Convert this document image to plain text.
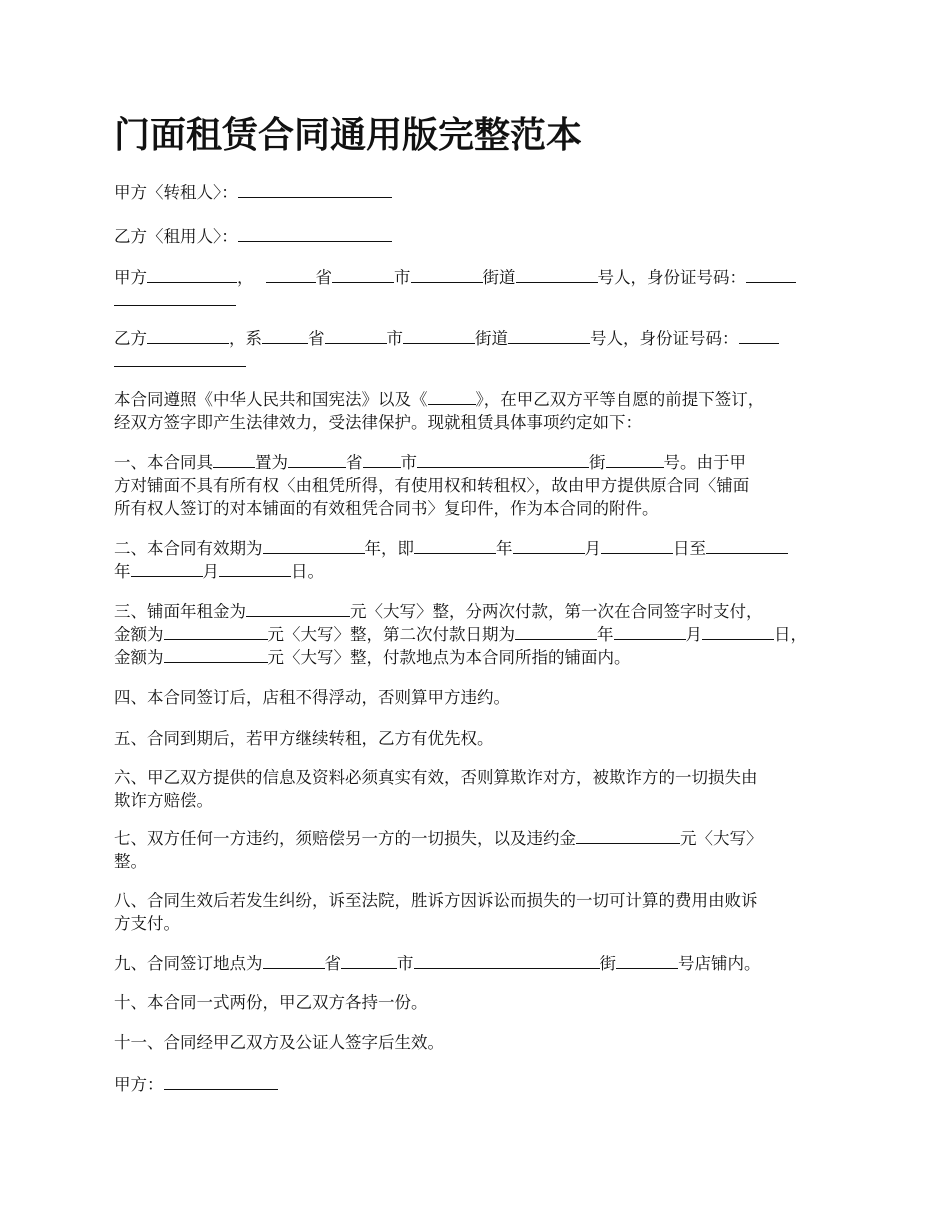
门面租赁合同通用版完整范本

甲方〈转租人〉：

乙方〈租用人〉：

甲方	，	省	市	街道	号人，身份证号码：

乙方	，系	省	市	街道	号人，身份证号码：

本合同遵照《中华人民共和国宪法》以及《	》，在甲乙双方平等自愿的前提下签订，

经双方签字即产生法律效力，受法律保护。现就租赁具体事项约定如下：

一、本合同具	置为	省 市	街	号。由于甲

方对铺面不具有所有权〈由租凭所得，有使用权和转租权〉，故由甲方提供原合同〈铺面

所有权人签订的对本铺面的有效租凭合同书〉复印件，作为本合同的附件。

二、本合同有效期为	年，即	年	月	日至

年	月	日。

三、铺面年租金为	元〈大写〉整，分两次付款，第一次在合同签字时支付，

金额为	元〈大写〉整，第二次付款日期为	年	月	日，

金额为	元〈大写〉整，付款地点为本合同所指的铺面内。

四、本合同签订后，店租不得浮动，否则算甲方违约。

五、合同到期后，若甲方继续转租，乙方有优先权。

六、甲乙双方提供的信息及资料必须真实有效，否则算欺诈对方，被欺诈方的一切损失由

欺诈方赔偿。

七、双方任何一方违约，须赔偿另一方的一切损失，以及违约金	元〈大写〉

整。

八、合同生效后若发生纠纷，诉至法院，胜诉方因诉讼而损失的一切可计算的费用由败诉

方支付。

九、合同签订地点为	省	市	街	号店铺内。

十、本合同一式两份，甲乙双方各持一份。

十一、合同经甲乙双方及公证人签字后生效。

甲方：
